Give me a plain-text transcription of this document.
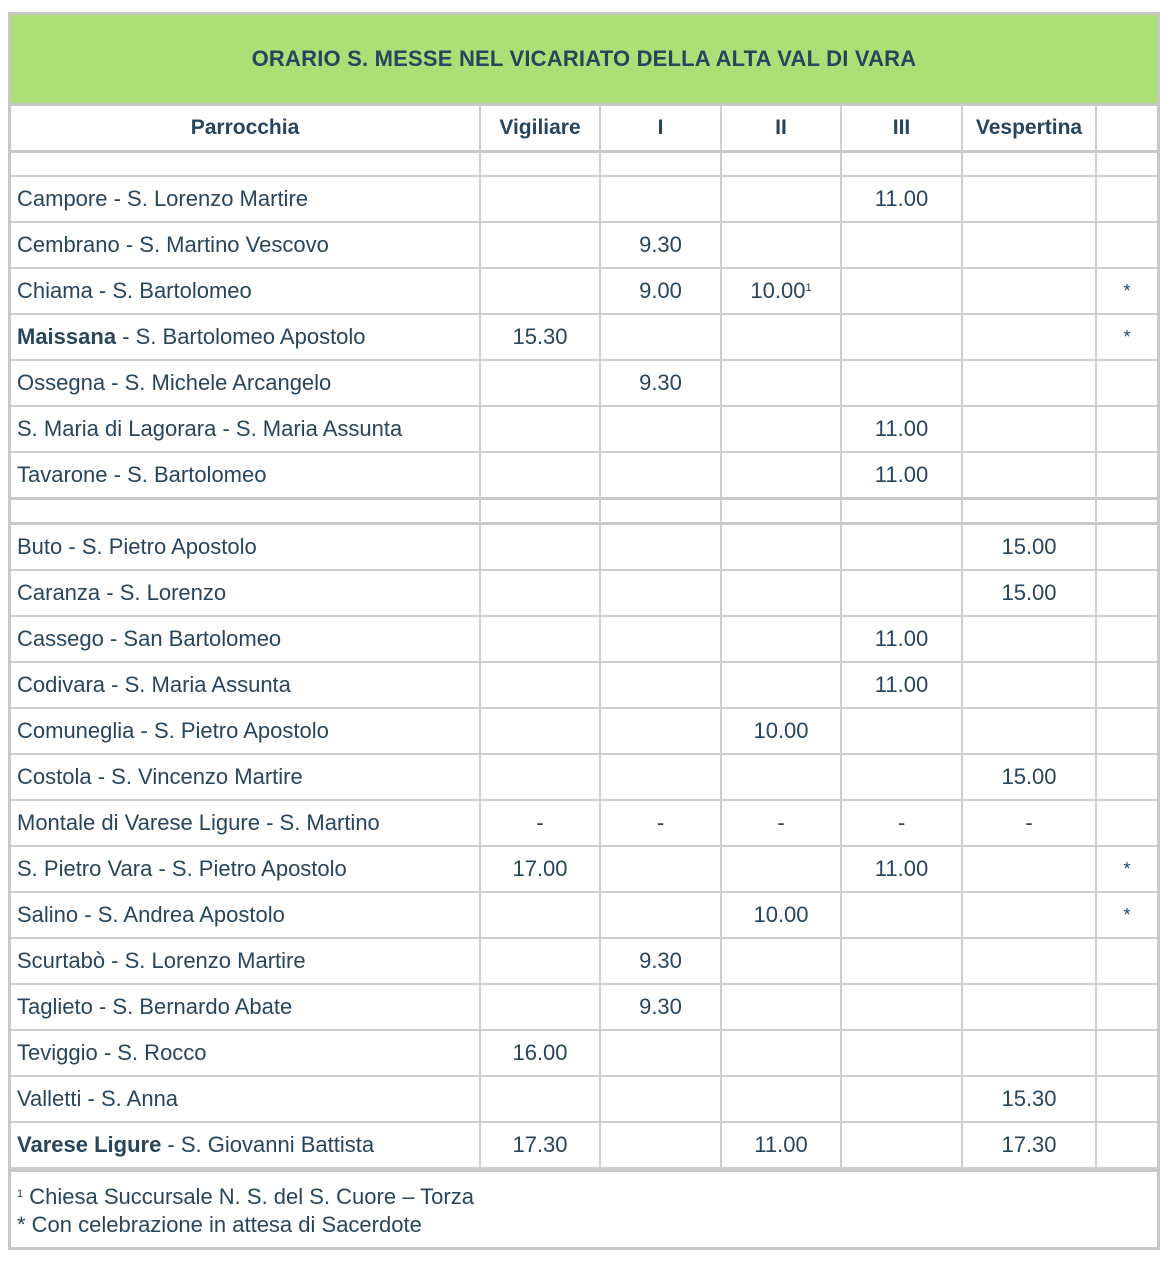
ORARIO S. MESSE NEL VICARIATO DELLA ALTA VAL DI VARA
Parrocchia	Vigiliare	I	II	III	Vespertina	

Campore - S. Lorenzo Martire				11.00		
Cembrano - S. Martino Vescovo		9.30				
Chiama - S. Bartolomeo		9.00	10.00$^1$			*
Maissana - S. Bartolomeo Apostolo	15.30					*
Ossegna - S. Michele Arcangelo		9.30				
S. Maria di Lagorara - S. Maria Assunta				11.00		
Tavarone - S. Bartolomeo				11.00		

Buto - S. Pietro Apostolo					15.00	
Caranza - S. Lorenzo					15.00	
Cassego - San Bartolomeo				11.00		
Codivara - S. Maria Assunta				11.00		
Comuneglia - S. Pietro Apostolo			10.00			
Costola - S. Vincenzo Martire					15.00	
Montale di Varese Ligure - S. Martino	-	-	-	-	-	
S. Pietro Vara - S. Pietro Apostolo	17.00			11.00		*
Salino - S. Andrea Apostolo			10.00			*
Scurtabò - S. Lorenzo Martire		9.30				
Taglieto - S. Bernardo Abate		9.30				
Teviggio - S. Rocco	16.00					
Valletti - S. Anna					15.30	
Varese Ligure - S. Giovanni Battista	17.30		11.00		17.30	
$^1$ Chiesa Succursale N. S. del S. Cuore – Torza
* Con celebrazione in attesa di Sacerdote
